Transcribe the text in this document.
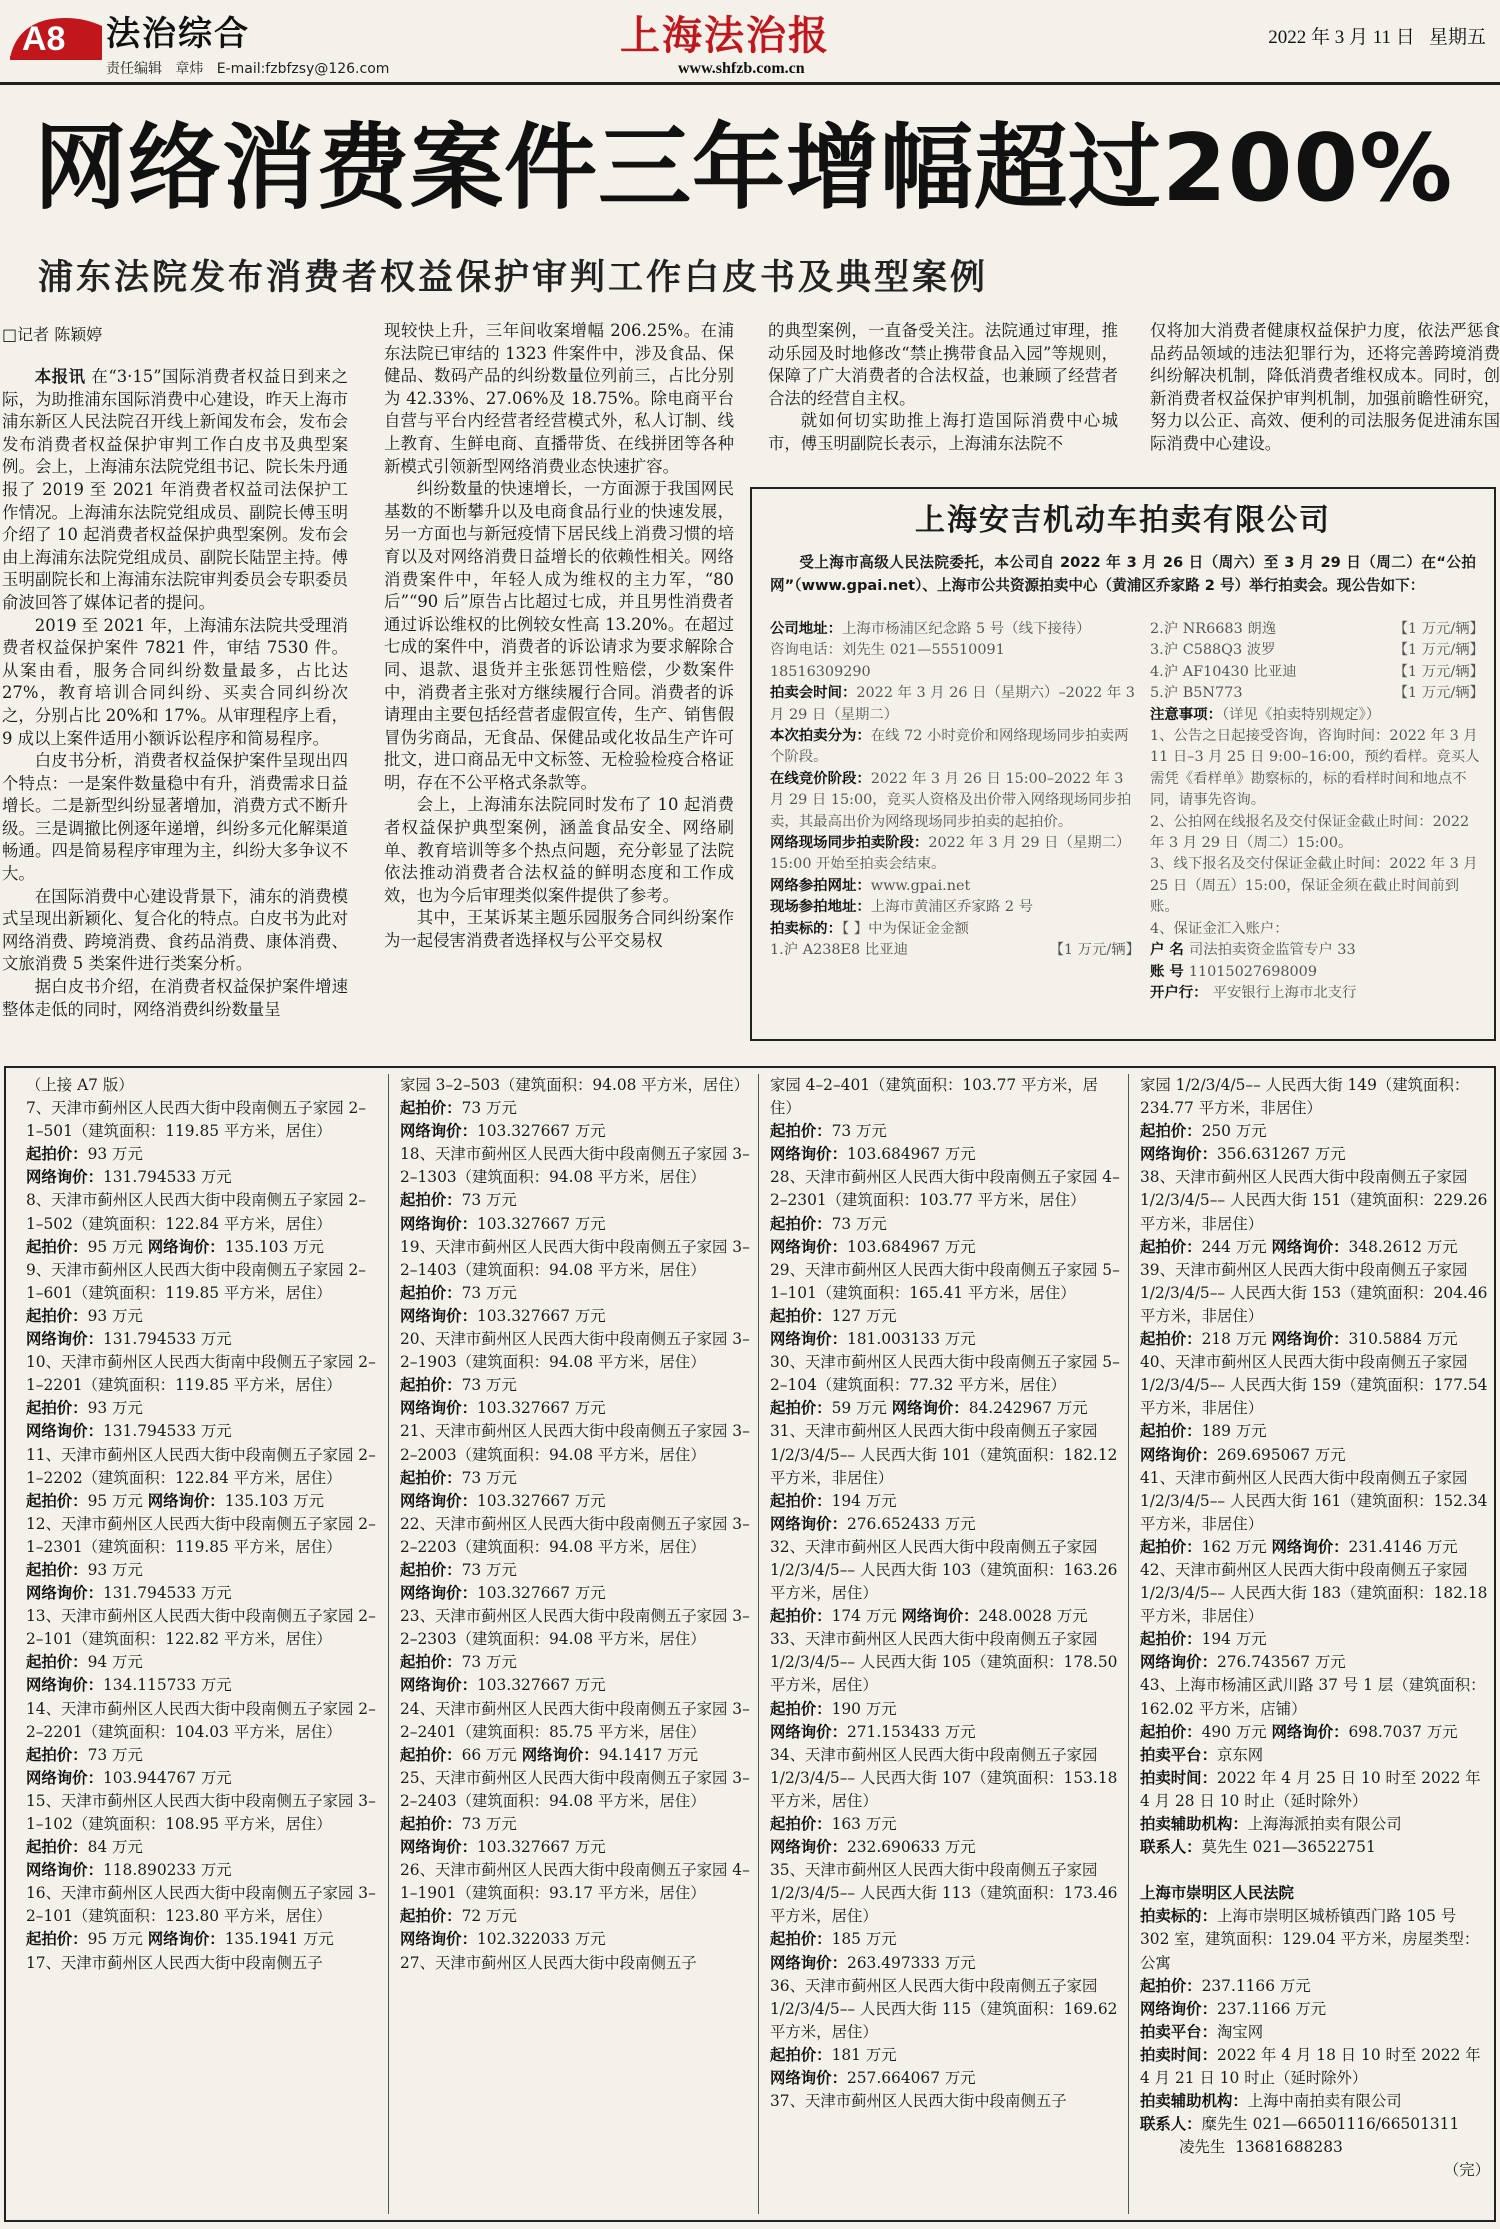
A8 法治综合
责任编辑   章炜   E-mail:fzbfzsy@126.com
上海法治报
www.shfzb.com.cn
2022 年 3 月 11 日   星期五
网络消费案件三年增幅超过200%
浦东法院发布消费者权益保护审判工作白皮书及典型案例
□记者 陈颖婷

本报讯 在“3·15”国际消费者权益日到来之际，为助推浦东国际消费中心建设，昨天上海市浦东新区人民法院召开线上新闻发布会，发布会发布消费者权益保护审判工作白皮书及典型案例。会上，上海浦东法院党组书记、院长朱丹通报了 2019 至 2021 年消费者权益司法保护工作情况。上海浦东法院党组成员、副院长傅玉明介绍了 10 起消费者权益保护典型案例。发布会由上海浦东法院党组成员、副院长陆罡主持。傅玉明副院长和上海浦东法院审判委员会专职委员俞波回答了媒体记者的提问。

2019 至 2021 年，上海浦东法院共受理消费者权益保护案件 7821 件，审结 7530 件。从案由看，服务合同纠纷数量最多，占比达 27%，教育培训合同纠纷、买卖合同纠纷次之，分别占比 20%和 17%。从审理程序上看，9 成以上案件适用小额诉讼程序和简易程序。

白皮书分析，消费者权益保护案件呈现出四个特点：一是案件数量稳中有升，消费需求日益增长。二是新型纠纷显著增加，消费方式不断升级。三是调撤比例逐年递增，纠纷多元化解渠道畅通。四是简易程序审理为主，纠纷大多争议不大。

在国际消费中心建设背景下，浦东的消费模式呈现出新颖化、复合化的特点。白皮书为此对网络消费、跨境消费、食药品消费、康体消费、文旅消费 5 类案件进行类案分析。

据白皮书介绍，在消费者权益保护案件增速整体走低的同时，网络消费纠纷数量呈

现较快上升，三年间收案增幅 206.25%。在浦东法院已审结的 1323 件案件中，涉及食品、保健品、数码产品的纠纷数量位列前三，占比分别为 42.33%、27.06%及 18.75%。除电商平台自营与平台内经营者经营模式外，私人订制、线上教育、生鲜电商、直播带货、在线拼团等各种新模式引领新型网络消费业态快速扩容。

纠纷数量的快速增长，一方面源于我国网民基数的不断攀升以及电商食品行业的快速发展，另一方面也与新冠疫情下居民线上消费习惯的培育以及对网络消费日益增长的依赖性相关。网络消费案件中，年轻人成为维权的主力军，“80 后”“90 后”原告占比超过七成，并且男性消费者通过诉讼维权的比例较女性高 13.20%。在超过七成的案件中，消费者的诉讼请求为要求解除合同、退款、退货并主张惩罚性赔偿，少数案件中，消费者主张对方继续履行合同。消费者的诉请理由主要包括经营者虚假宣传，生产、销售假冒伪劣商品，无食品、保健品或化妆品生产许可批文，进口商品无中文标签、无检验检疫合格证明，存在不公平格式条款等。

会上，上海浦东法院同时发布了 10 起消费者权益保护典型案例，涵盖食品安全、网络刷单、教育培训等多个热点问题，充分彰显了法院依法推动消费者合法权益的鲜明态度和工作成效，也为今后审理类似案件提供了参考。

其中，王某诉某主题乐园服务合同纠纷案作为一起侵害消费者选择权与公平交易权

的典型案例，一直备受关注。法院通过审理，推动乐园及时地修改“禁止携带食品入园”等规则，保障了广大消费者的合法权益，也兼顾了经营者合法的经营自主权。

就如何切实助推上海打造国际消费中心城市，傅玉明副院长表示，上海浦东法院不

仅将加大消费者健康权益保护力度，依法严惩食品药品领域的违法犯罪行为，还将完善跨境消费纠纷解决机制，降低消费者维权成本。同时，创新消费者权益保护审判机制，加强前瞻性研究，努力以公正、高效、便利的司法服务促进浦东国际消费中心建设。

上海安吉机动车拍卖有限公司
受上海市高级人民法院委托，本公司自 2022 年 3 月 26 日（周六）至 3 月 29 日（周二）在“公拍网”（www.gpai.net）、上海市公共资源拍卖中心（黄浦区乔家路 2 号）举行拍卖会。现公告如下：

公司地址：上海市杨浦区纪念路 5 号（线下接待）

咨询电话：刘先生 021—55510091

18516309290

拍卖会时间：2022 年 3 月 26 日（星期六）–2022 年 3 月 29 日（星期二）

本次拍卖分为：在线 72 小时竞价和网络现场同步拍卖两个阶段。

在线竞价阶段：2022 年 3 月 26 日 15:00–2022 年 3 月 29 日 15:00，竞买人资格及出价带入网络现场同步拍卖，其最高出价为网络现场同步拍卖的起拍价。

网络现场同步拍卖阶段：2022 年 3 月 29 日（星期二）15:00 开始至拍卖会结束。

网络参拍网址：www.gpai.net

现场参拍地址：上海市黄浦区乔家路 2 号

拍卖标的：【 】中为保证金金额

1.沪 A238E8 比亚迪	【1 万元/辆】
2.沪 NR6683 朗逸	【1 万元/辆】
3.沪 C588Q3 波罗	【1 万元/辆】
4.沪 AF10430 比亚迪	【1 万元/辆】
5.沪 B5N773	【1 万元/辆】

注意事项：（详见《拍卖特别规定》）

1、公告之日起接受咨询，咨询时间：2022 年 3 月 11 日–3 月 25 日 9:00–16:00，预约看样。竞买人需凭《看样单》勘察标的，标的看样时间和地点不同，请事先咨询。

2、公拍网在线报名及交付保证金截止时间：2022 年 3 月 29 日（周二）15:00。

3、线下报名及交付保证金截止时间：2022 年 3 月 25 日（周五）15:00，保证金须在截止时间前到账。

4、保证金汇入账户：

户 名 司法拍卖资金监管专户 33

账 号 11015027698009

开户行： 平安银行上海市北支行

（上接 A7 版）

7、天津市蓟州区人民西大街中段南侧五子家园 2–1–501（建筑面积：119.85 平方米，居住）

起拍价：93 万元

网络询价：131.794533 万元

8、天津市蓟州区人民西大街中段南侧五子家园 2–1–502（建筑面积：122.84 平方米，居住）

起拍价：95 万元 网络询价：135.103 万元

9、天津市蓟州区人民西大街中段南侧五子家园 2–1–601（建筑面积：119.85 平方米，居住）

起拍价：93 万元

网络询价：131.794533 万元

10、天津市蓟州区人民西大街南中段侧五子家园 2–1–2201（建筑面积：119.85 平方米，居住）

起拍价：93 万元

网络询价：131.794533 万元

11、天津市蓟州区人民西大街中段南侧五子家园 2–1–2202（建筑面积：122.84 平方米，居住）

起拍价：95 万元 网络询价：135.103 万元

12、天津市蓟州区人民西大街中段南侧五子家园 2–1–2301（建筑面积：119.85 平方米，居住）

起拍价：93 万元

网络询价：131.794533 万元

13、天津市蓟州区人民西大街中段南侧五子家园 2–2–101（建筑面积：122.82 平方米，居住）

起拍价：94 万元

网络询价：134.115733 万元

14、天津市蓟州区人民西大街中段南侧五子家园 2–2–2201（建筑面积：104.03 平方米，居住）

起拍价：73 万元

网络询价：103.944767 万元

15、天津市蓟州区人民西大街中段南侧五子家园 3–1–102（建筑面积：108.95 平方米，居住）

起拍价：84 万元

网络询价：118.890233 万元

16、天津市蓟州区人民西大街中段南侧五子家园 3–2–101（建筑面积：123.80 平方米，居住）

起拍价：95 万元 网络询价：135.1941 万元

17、天津市蓟州区人民西大街中段南侧五子

家园 3–2–503（建筑面积：94.08 平方米，居住）

起拍价：73 万元

网络询价：103.327667 万元

18、天津市蓟州区人民西大街中段南侧五子家园 3–2–1303（建筑面积：94.08 平方米，居住）

起拍价：73 万元

网络询价：103.327667 万元

19、天津市蓟州区人民西大街中段南侧五子家园 3–2–1403（建筑面积：94.08 平方米，居住）

起拍价：73 万元

网络询价：103.327667 万元

20、天津市蓟州区人民西大街中段南侧五子家园 3–2–1903（建筑面积：94.08 平方米，居住）

起拍价：73 万元

网络询价：103.327667 万元

21、天津市蓟州区人民西大街中段南侧五子家园 3–2–2003（建筑面积：94.08 平方米，居住）

起拍价：73 万元

网络询价：103.327667 万元

22、天津市蓟州区人民西大街中段南侧五子家园 3–2–2203（建筑面积：94.08 平方米，居住）

起拍价：73 万元

网络询价：103.327667 万元

23、天津市蓟州区人民西大街中段南侧五子家园 3–2–2303（建筑面积：94.08 平方米，居住）

起拍价：73 万元

网络询价：103.327667 万元

24、天津市蓟州区人民西大街中段南侧五子家园 3–2–2401（建筑面积：85.75 平方米，居住）

起拍价：66 万元 网络询价：94.1417 万元

25、天津市蓟州区人民西大街中段南侧五子家园 3–2–2403（建筑面积：94.08 平方米，居住）

起拍价：73 万元

网络询价：103.327667 万元

26、天津市蓟州区人民西大街中段南侧五子家园 4–1–1901（建筑面积：93.17 平方米，居住）

起拍价：72 万元

网络询价：102.322033 万元

27、天津市蓟州区人民西大街中段南侧五子

家园 4–2–401（建筑面积：103.77 平方米，居住）

起拍价：73 万元

网络询价：103.684967 万元

28、天津市蓟州区人民西大街中段南侧五子家园 4–2–2301（建筑面积：103.77 平方米，居住）

起拍价：73 万元

网络询价：103.684967 万元

29、天津市蓟州区人民西大街中段南侧五子家园 5–1–101（建筑面积：165.41 平方米，居住）

起拍价：127 万元

网络询价：181.003133 万元

30、天津市蓟州区人民西大街中段南侧五子家园 5–2–104（建筑面积：77.32 平方米，居住）

起拍价：59 万元 网络询价：84.242967 万元

31、天津市蓟州区人民西大街中段南侧五子家园 1/2/3/4/5–– 人民西大街 101（建筑面积：182.12 平方米，非居住）

起拍价：194 万元

网络询价：276.652433 万元

32、天津市蓟州区人民西大街中段南侧五子家园 1/2/3/4/5–– 人民西大街 103（建筑面积：163.26 平方米，居住）

起拍价：174 万元 网络询价：248.0028 万元

33、天津市蓟州区人民西大街中段南侧五子家园 1/2/3/4/5–– 人民西大街 105（建筑面积：178.50 平方米，居住）

起拍价：190 万元

网络询价：271.153433 万元

34、天津市蓟州区人民西大街中段南侧五子家园 1/2/3/4/5–– 人民西大街 107（建筑面积：153.18 平方米，居住）

起拍价：163 万元

网络询价：232.690633 万元

35、天津市蓟州区人民西大街中段南侧五子家园 1/2/3/4/5–– 人民西大街 113（建筑面积：173.46 平方米，居住）

起拍价：185 万元

网络询价：263.497333 万元

36、天津市蓟州区人民西大街中段南侧五子家园 1/2/3/4/5–– 人民西大街 115（建筑面积：169.62 平方米，居住）

起拍价：181 万元

网络询价：257.664067 万元

37、天津市蓟州区人民西大街中段南侧五子

家园 1/2/3/4/5–– 人民西大街 149（建筑面积：234.77 平方米，非居住）

起拍价：250 万元

网络询价：356.631267 万元

38、天津市蓟州区人民西大街中段南侧五子家园 1/2/3/4/5–– 人民西大街 151（建筑面积：229.26 平方米，非居住）

起拍价：244 万元 网络询价：348.2612 万元

39、天津市蓟州区人民西大街中段南侧五子家园 1/2/3/4/5–– 人民西大街 153（建筑面积：204.46 平方米，非居住）

起拍价：218 万元 网络询价：310.5884 万元

40、天津市蓟州区人民西大街中段南侧五子家园 1/2/3/4/5–– 人民西大街 159（建筑面积：177.54 平方米，非居住）

起拍价：189 万元

网络询价：269.695067 万元

41、天津市蓟州区人民西大街中段南侧五子家园 1/2/3/4/5–– 人民西大街 161（建筑面积：152.34 平方米，非居住）

起拍价：162 万元 网络询价：231.4146 万元

42、天津市蓟州区人民西大街中段南侧五子家园 1/2/3/4/5–– 人民西大街 183（建筑面积：182.18 平方米，非居住）

起拍价：194 万元

网络询价：276.743567 万元

43、上海市杨浦区武川路 37 号 1 层（建筑面积：162.02 平方米，店铺）

起拍价：490 万元 网络询价：698.7037 万元

拍卖平台：京东网

拍卖时间：2022 年 4 月 25 日 10 时至 2022 年 4 月 28 日 10 时止（延时除外）

拍卖辅助机构：上海海派拍卖有限公司

联系人：莫先生 021—36522751

上海市崇明区人民法院

拍卖标的：上海市崇明区城桥镇西门路 105 号 302 室，建筑面积：129.04 平方米，房屋类型：公寓

起拍价：237.1166 万元

网络询价：237.1166 万元

拍卖平台：淘宝网

拍卖时间：2022 年 4 月 18 日 10 时至 2022 年 4 月 21 日 10 时止（延时除外）

拍卖辅助机构：上海中南拍卖有限公司

联系人：糜先生 021—66501116/66501311

凌先生  13681688283

（完）
